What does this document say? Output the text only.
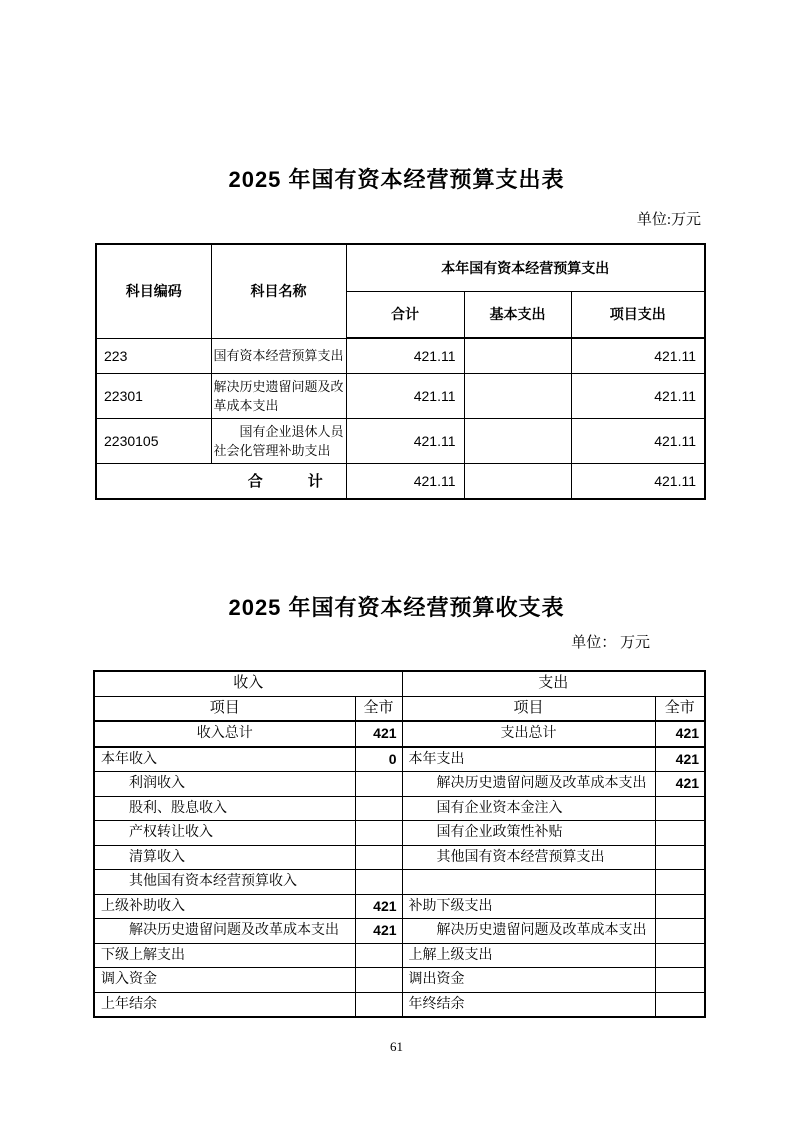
2025 年国有资本经营预算支出表
单位:万元
科目编码	科目名称	本年国有资本经营预算支出		
		合计	基本支出	项目支出
223	国有资本经营预算支出	421.11		421.11
22301	解决历史遗留问题及改革成本支出	421.11		421.11
2230105	　　国有企业退休人员社会化管理补助支出	421.11		421.11
合　　　计		421.11		421.11
2025 年国有资本经营预算收支表
单位： 万元
收入		支出	
项目	全市	项目	全市
收入总计	421	支出总计	421
本年收入	0	本年支出	421
　　利润收入		　　解决历史遗留问题及改革成本支出	421
　　股利、股息收入		　　国有企业资本金注入	
　　产权转让收入		　　国有企业政策性补贴	
　　清算收入		　　其他国有资本经营预算支出	
　　其他国有资本经营预算收入			
上级补助收入	421	补助下级支出	
　　解决历史遗留问题及改革成本支出	421	　　解决历史遗留问题及改革成本支出	
下级上解支出		上解上级支出	
调入资金		调出资金	
上年结余		年终结余	
61
